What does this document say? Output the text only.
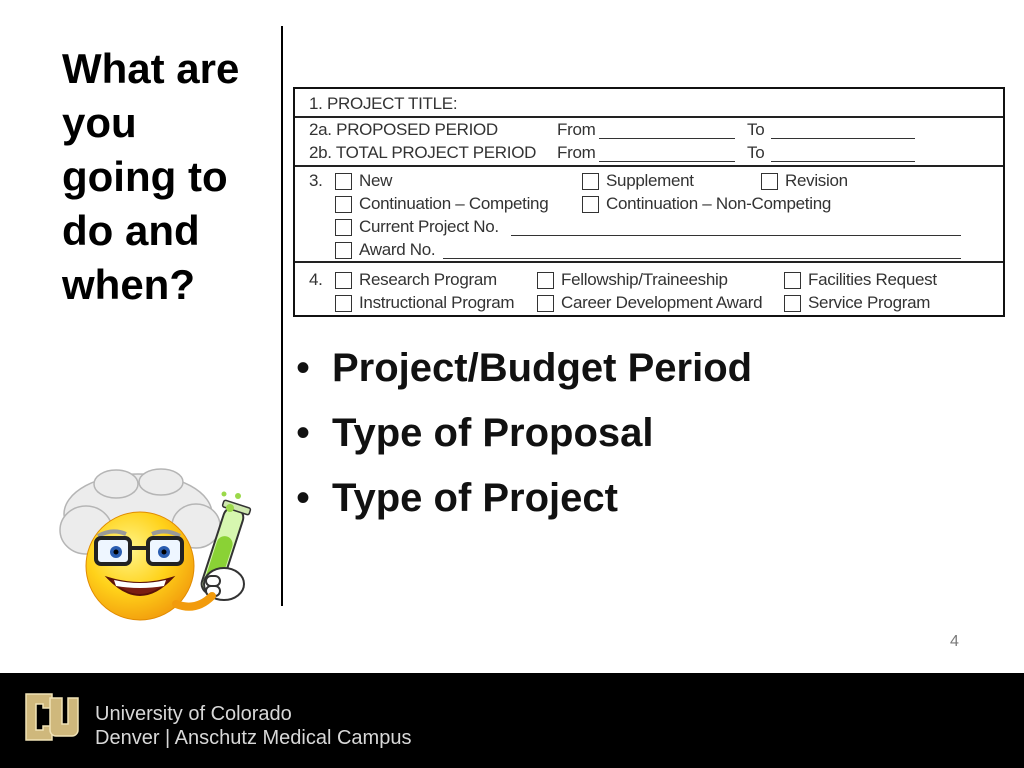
What are you going to do and when?
1. PROJECT TITLE:
2a. PROPOSED PERIOD	From	To
2b. TOTAL PROJECT PERIOD From	To
3. New	Supplement	Revision
Continuation – Competing	Continuation – Non-Competing
Current Project No.
Award No.
4. Research Program	Fellowship/Traineeship	Facilities Request
Instructional Program	Career Development Award	Service Program
• Project/Budget Period
• Type of Proposal
• Type of Project
4
University of Colorado
Denver | Anschutz Medical Campus
